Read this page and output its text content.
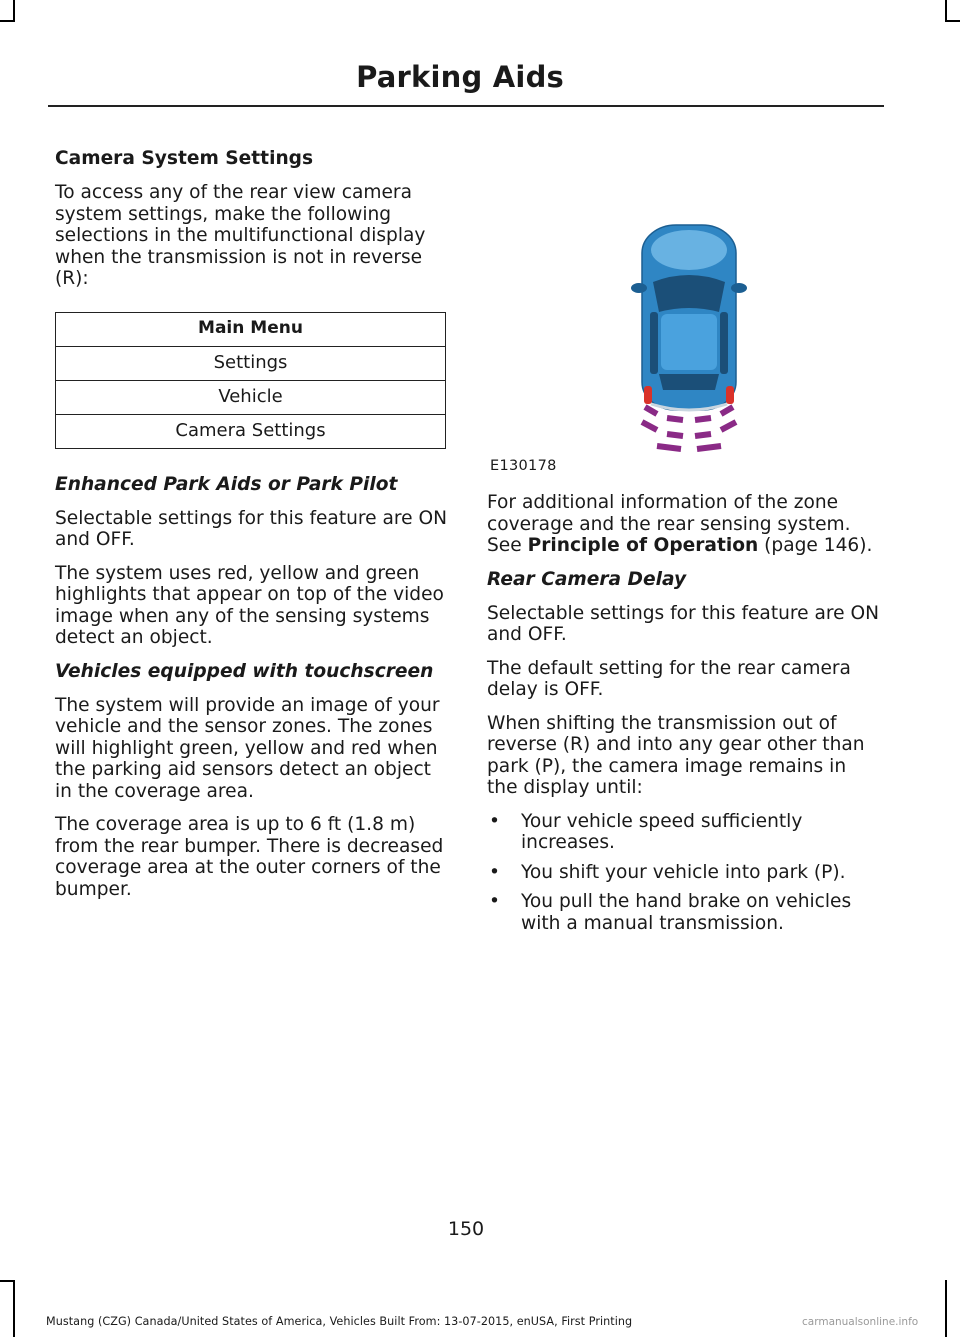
Parking Aids
Camera System Settings

To access any of the rear view camera system settings, make the following selections in the multifunctional display when the transmission is not in reverse (R):

Main Menu
Settings
Vehicle
Camera Settings
Enhanced Park Aids or Park Pilot

Selectable settings for this feature are ON and OFF.

The system uses red, yellow and green highlights that appear on top of the video image when any of the sensing systems detect an object.

Vehicles equipped with touchscreen

The system will provide an image of your vehicle and the sensor zones. The zones will highlight green, yellow and red when the parking aid sensors detect an object in the coverage area.

The coverage area is up to 6 ft (1.8 m) from the rear bumper. There is decreased coverage area at the outer corners of the bumper.

E130178

For additional information of the zone coverage and the rear sensing system. See Principle of Operation (page 146).

Rear Camera Delay

Selectable settings for this feature are ON and OFF.

The default setting for the rear camera delay is OFF.

When shifting the transmission out of reverse (R) and into any gear other than park (P), the camera image remains in the display until:

• Your vehicle speed sufficiently increases.
• You shift your vehicle into park (P).
• You pull the hand brake on vehicles with a manual transmission.
150
Mustang (CZG) Canada/United States of America, Vehicles Built From: 13-07-2015, enUSA, First Printing	carmanualsonline.info
